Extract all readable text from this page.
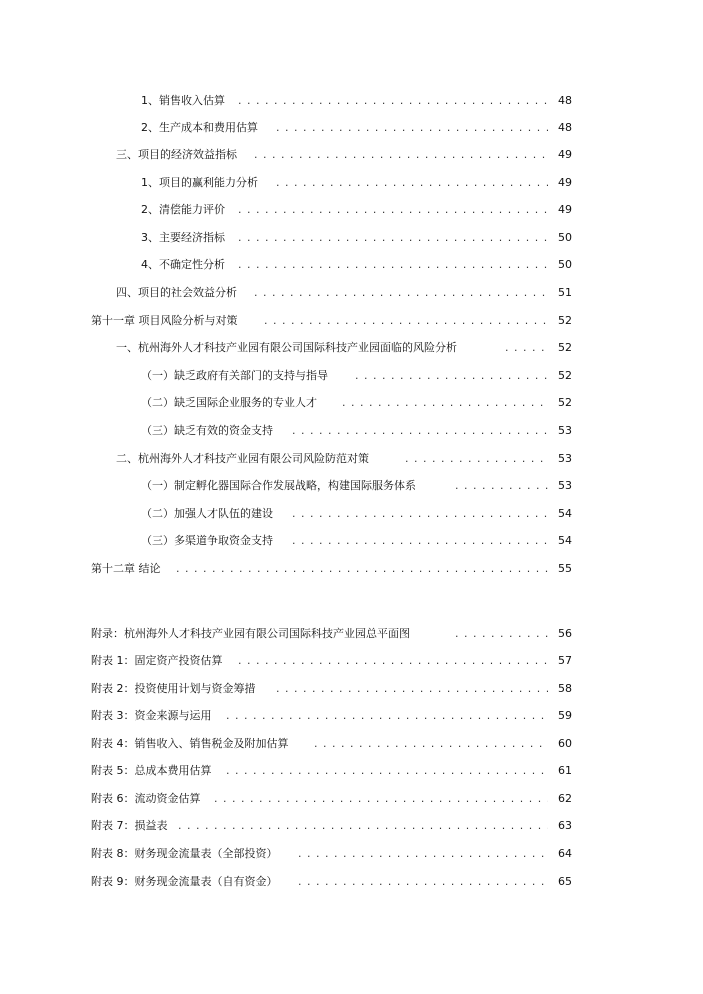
1、销售收入估算 . . .	48
2、生产成本和费用估算 . . .	48
三、项目的经济效益指标 . . .	49
1、项目的赢利能力分析 . . .	49
2、清偿能力评价 . . .	49
3、主要经济指标 . . .	50
4、不确定性分析 . . .	50
四、项目的社会效益分析 . . .	51
第十一章 项目风险分析与对策 . . .	52
一、杭州海外人才科技产业园有限公司国际科技产业园面临的风险分析 . . .	52
（一）缺乏政府有关部门的支持与指导 . . .	52
（二）缺乏国际企业服务的专业人才 . . .	52
（三）缺乏有效的资金支持 . . .	53
二、杭州海外人才科技产业园有限公司风险防范对策 . . .	53
（一）制定孵化器国际合作发展战略，构建国际服务体系 . . .	53
（二）加强人才队伍的建设 . . .	54
（三）多渠道争取资金支持 . . .	54
第十二章 结论 . . .	55
附录：杭州海外人才科技产业园有限公司国际科技产业园总平面图 . . .	56
附表 1：固定资产投资估算 . . .	57
附表 2：投资使用计划与资金筹措 . . .	58
附表 3：资金来源与运用 . . .	59
附表 4：销售收入、销售税金及附加估算 . . .	60
附表 5：总成本费用估算 . . .	61
附表 6：流动资金估算 . . .	62
附表 7：损益表 . . .	63
附表 8：财务现金流量表（全部投资） . . .	64
附表 9：财务现金流量表（自有资金） . . .	65
